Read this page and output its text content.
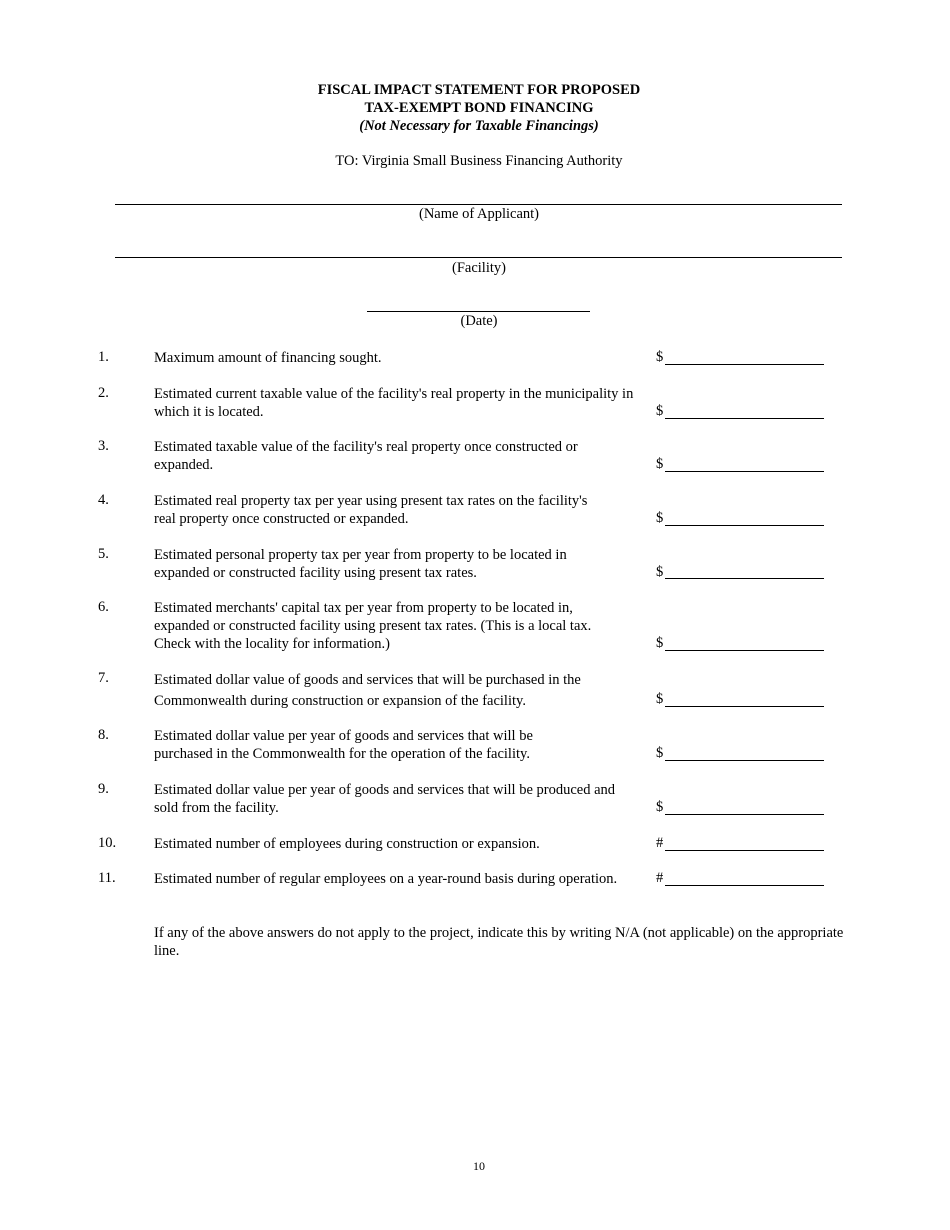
FISCAL IMPACT STATEMENT FOR PROPOSED
TAX-EXEMPT BOND FINANCING
(Not Necessary for Taxable Financings)
TO: Virginia Small Business Financing Authority
(Name of Applicant)
(Facility)
(Date)
1.	Maximum amount of financing sought.	$
2.	Estimated current taxable value of the facility's real property in the municipality in which it is located.	$
3.	Estimated taxable value of the facility's real property once constructed or expanded.	$
4.	Estimated real property tax per year using present tax rates on the facility's real property once constructed or expanded.	$
5.	Estimated personal property tax per year from property to be located in expanded or constructed facility using present tax rates.	$
6.	Estimated merchants' capital tax per year from property to be located in, expanded or constructed facility using present tax rates. (This is a local tax. Check with the locality for information.)	$
7.	Estimated dollar value of goods and services that will be purchased in the Commonwealth during construction or expansion of the facility.	$
8.	Estimated dollar value per year of goods and services that will be purchased in the Commonwealth for the operation of the facility.	$
9.	Estimated dollar value per year of goods and services that will be produced and sold from the facility.	$
10.	Estimated number of employees during construction or expansion.	#
11.	Estimated number of regular employees on a year-round basis during operation.	#
If any of the above answers do not apply to the project, indicate this by writing N/A (not applicable) on the appropriate line.
10
